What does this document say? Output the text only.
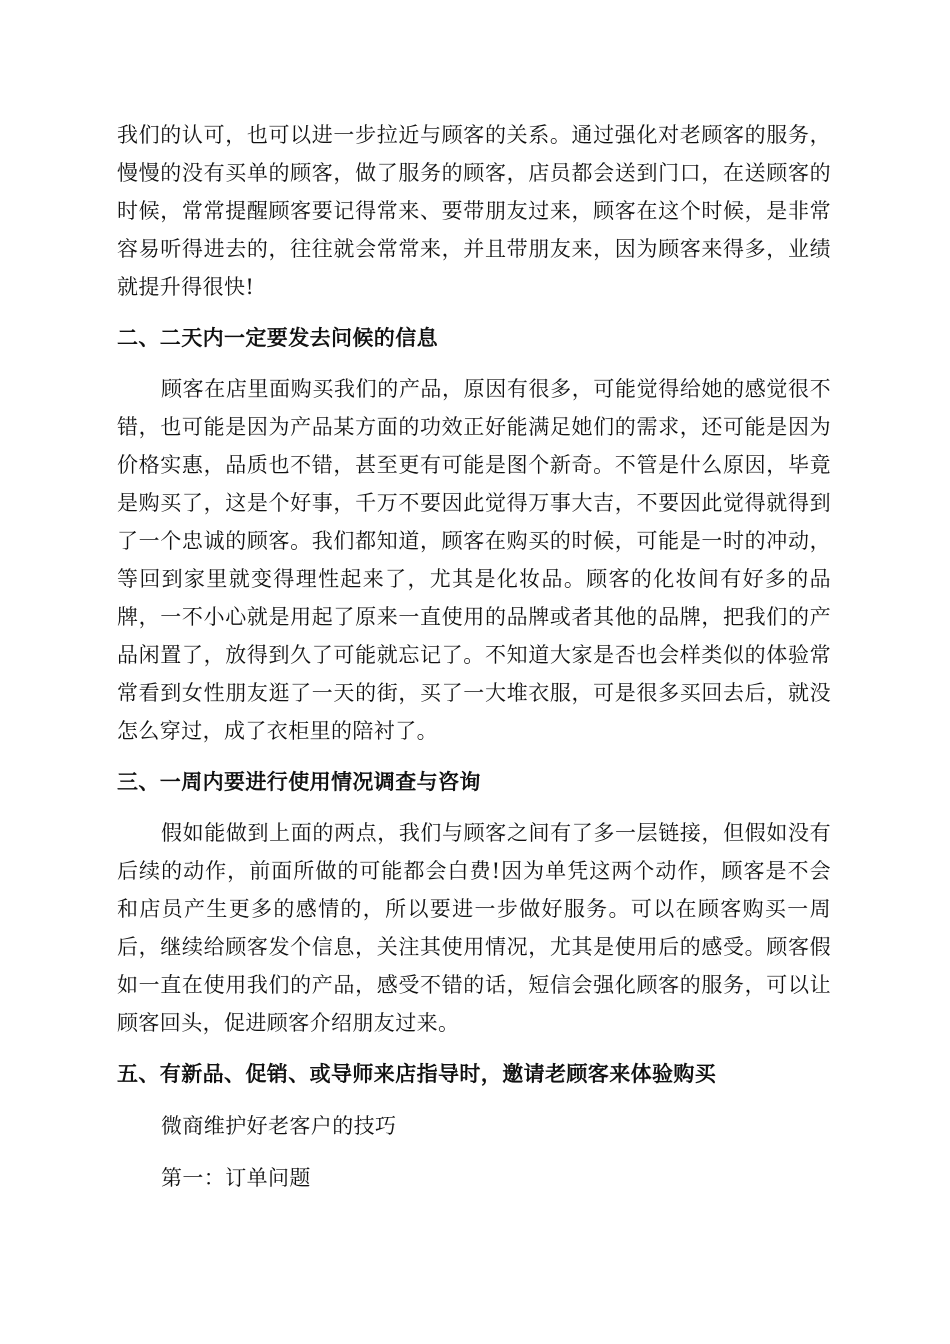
我们的认可，也可以进一步拉近与顾客的关系。通过强化对老顾客的服务，慢慢的没有买单的顾客，做了服务的顾客，店员都会送到门口，在送顾客的时候，常常提醒顾客要记得常来、要带朋友过来，顾客在这个时候，是非常容易听得进去的，往往就会常常来，并且带朋友来，因为顾客来得多，业绩就提升得很快!

二、二天内一定要发去问候的信息

顾客在店里面购买我们的产品，原因有很多，可能觉得给她的感觉很不错，也可能是因为产品某方面的功效正好能满足她们的需求，还可能是因为价格实惠，品质也不错，甚至更有可能是图个新奇。不管是什么原因，毕竟是购买了，这是个好事，千万不要因此觉得万事大吉，不要因此觉得就得到了一个忠诚的顾客。我们都知道，顾客在购买的时候，可能是一时的冲动，等回到家里就变得理性起来了，尤其是化妆品。顾客的化妆间有好多的品牌，一不小心就是用起了原来一直使用的品牌或者其他的品牌，把我们的产品闲置了，放得到久了可能就忘记了。不知道大家是否也会样类似的体验常常看到女性朋友逛了一天的街，买了一大堆衣服，可是很多买回去后，就没怎么穿过，成了衣柜里的陪衬了。

三、一周内要进行使用情况调查与咨询

假如能做到上面的两点，我们与顾客之间有了多一层链接，但假如没有后续的动作，前面所做的可能都会白费!因为单凭这两个动作，顾客是不会和店员产生更多的感情的，所以要进一步做好服务。可以在顾客购买一周后，继续给顾客发个信息，关注其使用情况，尤其是使用后的感受。顾客假如一直在使用我们的产品，感受不错的话，短信会强化顾客的服务，可以让顾客回头，促进顾客介绍朋友过来。

五、有新品、促销、或导师来店指导时，邀请老顾客来体验购买

微商维护好老客户的技巧

第一：订单问题
